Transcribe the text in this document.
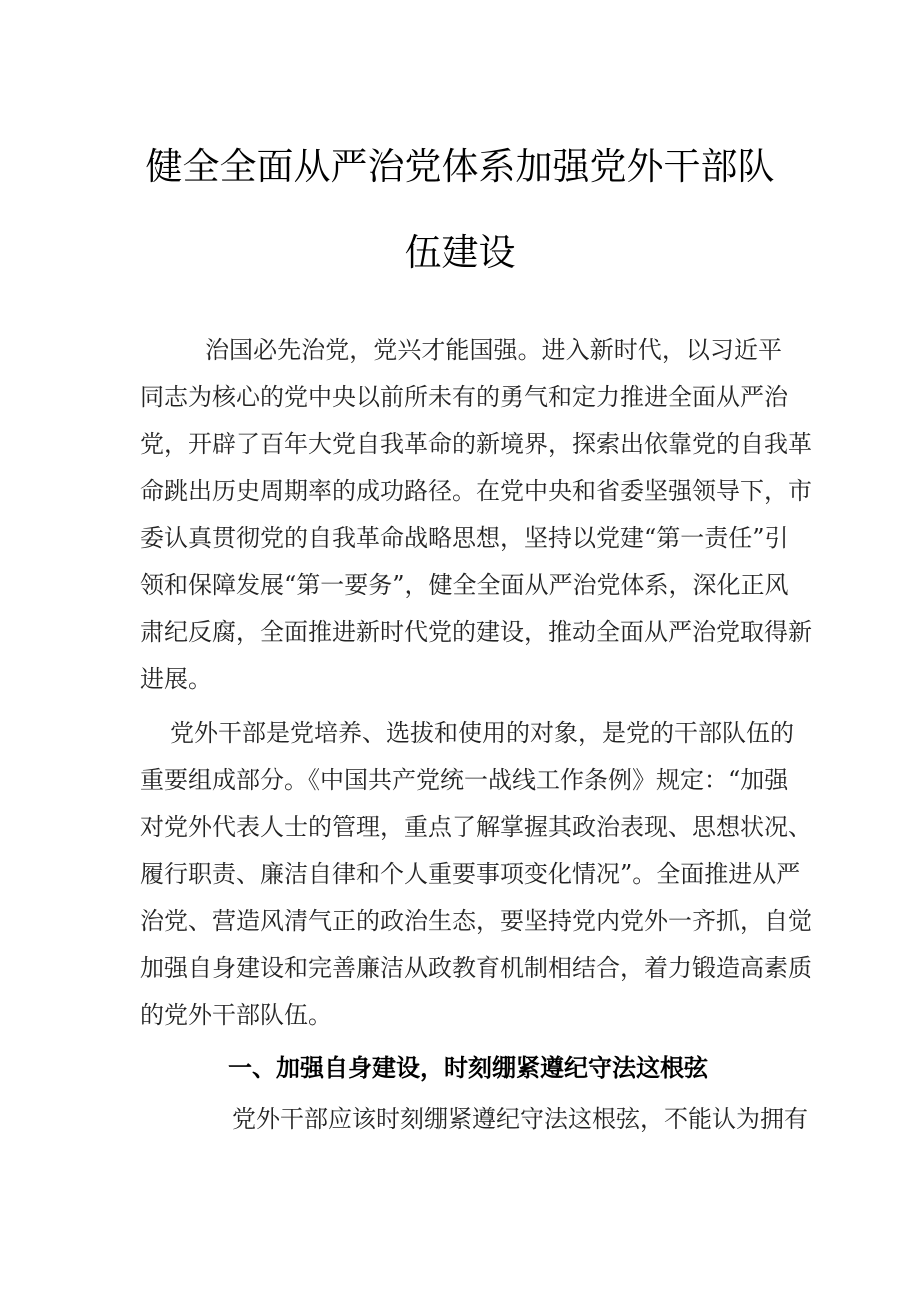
健全全面从严治党体系加强党外干部队
伍建设
治国必先治党，党兴才能国强。进入新时代，以习近平
同志为核心的党中央以前所未有的勇气和定力推进全面从严治
党，开辟了百年大党自我革命的新境界，探索出依靠党的自我革
命跳出历史周期率的成功路径。在党中央和省委坚强领导下，市
委认真贯彻党的自我革命战略思想，坚持以党建“第一责任”引
领和保障发展“第一要务”，健全全面从严治党体系，深化正风
肃纪反腐，全面推进新时代党的建设，推动全面从严治党取得新
进展。
党外干部是党培养、选拔和使用的对象，是党的干部队伍的
重要组成部分。《中国共产党统一战线工作条例》规定：“加强
对党外代表人士的管理，重点了解掌握其政治表现、思想状况、
履行职责、廉洁自律和个人重要事项变化情况”。全面推进从严
治党、营造风清气正的政治生态，要坚持党内党外一齐抓，自觉
加强自身建设和完善廉洁从政教育机制相结合，着力锻造高素质
的党外干部队伍。
一、加强自身建设，时刻绷紧遵纪守法这根弦
党外干部应该时刻绷紧遵纪守法这根弦，不能认为拥有
